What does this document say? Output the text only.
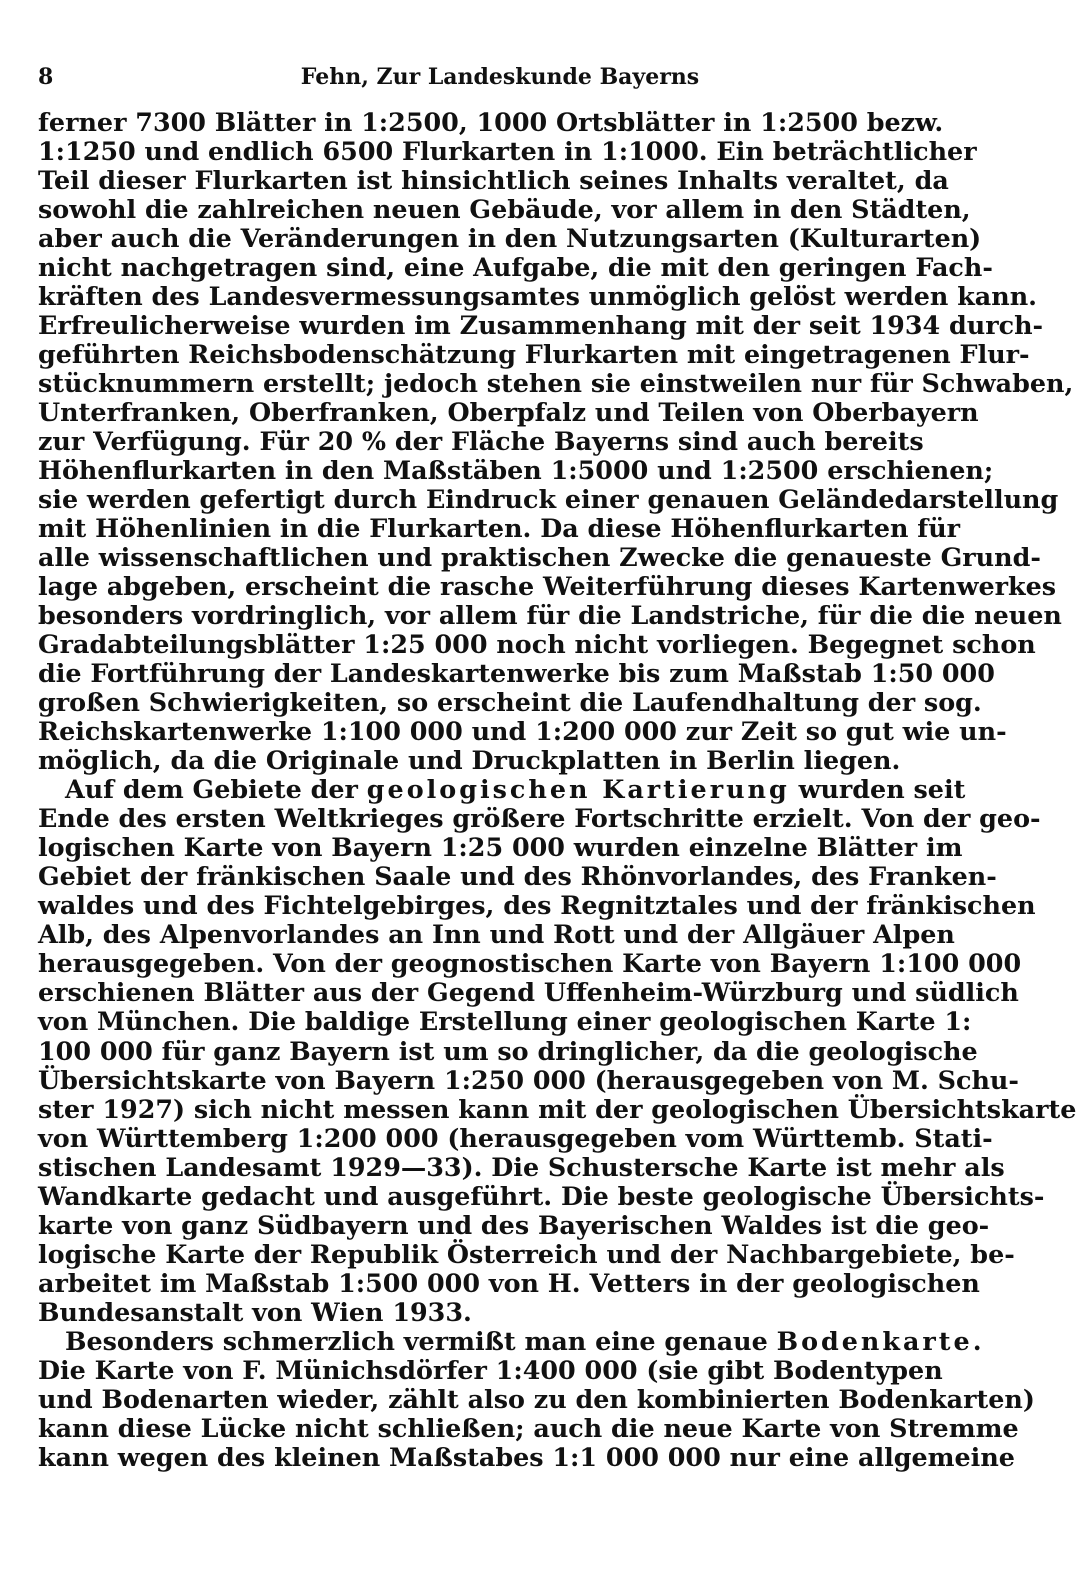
8	Fehn, Zur Landeskunde Bayerns
ferner 7300 Blätter in 1:2500, 1000 Ortsblätter in 1:2500 bezw.
1:1250 und endlich 6500 Flurkarten in 1:1000. Ein beträchtlicher
Teil dieser Flurkarten ist hinsichtlich seines Inhalts veraltet, da
sowohl die zahlreichen neuen Gebäude, vor allem in den Städten,
aber auch die Veränderungen in den Nutzungsarten (Kulturarten)
nicht nachgetragen sind, eine Aufgabe, die mit den geringen Fach-
kräften des Landesvermessungsamtes unmöglich gelöst werden kann.
Erfreulicherweise wurden im Zusammenhang mit der seit 1934 durch-
geführten Reichsbodenschätzung Flurkarten mit eingetragenen Flur-
stücknummern erstellt; jedoch stehen sie einstweilen nur für Schwaben,
Unterfranken, Oberfranken, Oberpfalz und Teilen von Oberbayern
zur Verfügung. Für 20 % der Fläche Bayerns sind auch bereits
Höhenflurkarten in den Maßstäben 1:5000 und 1:2500 erschienen;
sie werden gefertigt durch Eindruck einer genauen Geländedarstellung
mit Höhenlinien in die Flurkarten. Da diese Höhenflurkarten für
alle wissenschaftlichen und praktischen Zwecke die genaueste Grund-
lage abgeben, erscheint die rasche Weiterführung dieses Kartenwerkes
besonders vordringlich, vor allem für die Landstriche, für die die neuen
Gradabteilungsblätter 1:25 000 noch nicht vorliegen. Begegnet schon
die Fortführung der Landeskartenwerke bis zum Maßstab 1:50 000
großen Schwierigkeiten, so erscheint die Laufendhaltung der sog.
Reichskartenwerke 1:100 000 und 1:200 000 zur Zeit so gut wie un-
möglich, da die Originale und Druckplatten in Berlin liegen.
Auf dem Gebiete der geologischen Kartierung wurden seit
Ende des ersten Weltkrieges größere Fortschritte erzielt. Von der geo-
logischen Karte von Bayern 1:25 000 wurden einzelne Blätter im
Gebiet der fränkischen Saale und des Rhönvorlandes, des Franken-
waldes und des Fichtelgebirges, des Regnitztales und der fränkischen
Alb, des Alpenvorlandes an Inn und Rott und der Allgäuer Alpen
herausgegeben. Von der geognostischen Karte von Bayern 1:100 000
erschienen Blätter aus der Gegend Uffenheim-Würzburg und südlich
von München. Die baldige Erstellung einer geologischen Karte 1:
100 000 für ganz Bayern ist um so dringlicher, da die geologische
Übersichtskarte von Bayern 1:250 000 (herausgegeben von M. Schu-
ster 1927) sich nicht messen kann mit der geologischen Übersichtskarte
von Württemberg 1:200 000 (herausgegeben vom Württemb. Stati-
stischen Landesamt 1929—33). Die Schustersche Karte ist mehr als
Wandkarte gedacht und ausgeführt. Die beste geologische Übersichts-
karte von ganz Südbayern und des Bayerischen Waldes ist die geo-
logische Karte der Republik Österreich und der Nachbargebiete, be-
arbeitet im Maßstab 1:500 000 von H. Vetters in der geologischen
Bundesanstalt von Wien 1933.
Besonders schmerzlich vermißt man eine genaue Bodenkarte.
Die Karte von F. Münichsdörfer 1:400 000 (sie gibt Bodentypen
und Bodenarten wieder, zählt also zu den kombinierten Bodenkarten)
kann diese Lücke nicht schließen; auch die neue Karte von Stremme
kann wegen des kleinen Maßstabes 1:1 000 000 nur eine allgemeine
